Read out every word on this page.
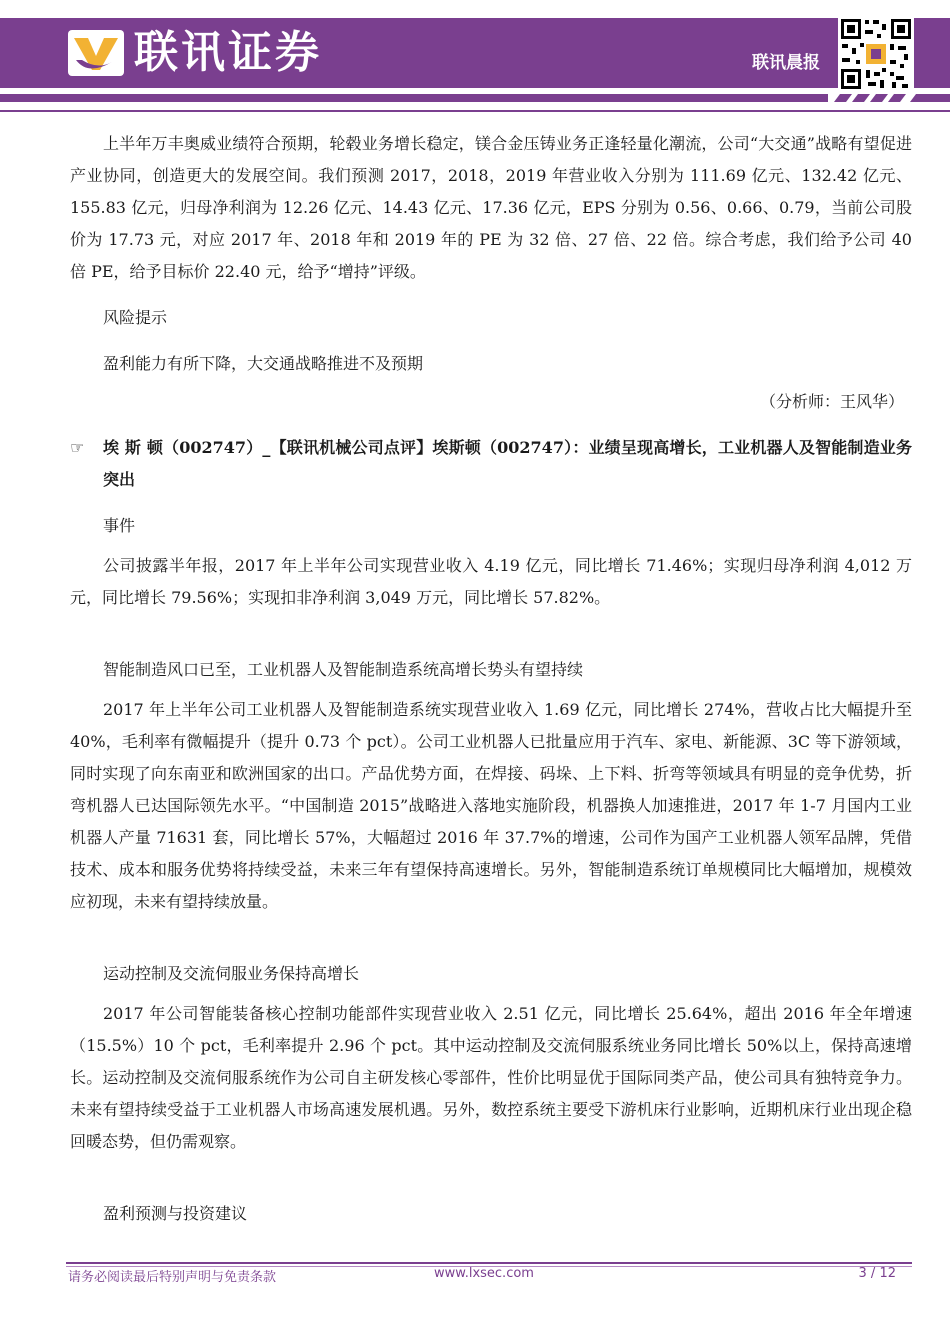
联讯证券	联讯晨报

上半年万丰奥威业绩符合预期，轮毂业务增长稳定，镁合金压铸业务正逢轻量化潮流，公司“大交通”战略有望促进产业协同，创造更大的发展空间。我们预测 2017，2018，2019 年营业收入分别为 111.69 亿元、132.42 亿元、155.83 亿元，归母净利润为 12.26 亿元、14.43 亿元、17.36 亿元，EPS 分别为 0.56、0.66、0.79，当前公司股价为 17.73 元，对应 2017 年、2018 年和 2019 年的 PE 为 32 倍、27 倍、22 倍。综合考虑，我们给予公司 40 倍 PE，给予目标价 22.40 元，给予“增持”评级。

风险提示

盈利能力有所下降，大交通战略推进不及预期

（分析师：王风华）

☞ 埃 斯 顿（002747）_【联讯机械公司点评】埃斯顿（002747）：业绩呈现高增长，工业机器人及智能制造业务突出

事件

公司披露半年报，2017 年上半年公司实现营业收入 4.19 亿元，同比增长 71.46%；实现归母净利润 4,012 万元，同比增长 79.56%；实现扣非净利润 3,049 万元，同比增长 57.82%。

智能制造风口已至，工业机器人及智能制造系统高增长势头有望持续

2017 年上半年公司工业机器人及智能制造系统实现营业收入 1.69 亿元，同比增长 274%，营收占比大幅提升至 40%，毛利率有微幅提升（提升 0.73 个 pct）。公司工业机器人已批量应用于汽车、家电、新能源、3C 等下游领域，同时实现了向东南亚和欧洲国家的出口。产品优势方面，在焊接、码垛、上下料、折弯等领域具有明显的竞争优势，折弯机器人已达国际领先水平。“中国制造 2015”战略进入落地实施阶段，机器换人加速推进，2017 年 1-7 月国内工业机器人产量 71631 套，同比增长 57%，大幅超过 2016 年 37.7%的增速，公司作为国产工业机器人领军品牌，凭借技术、成本和服务优势将持续受益，未来三年有望保持高速增长。另外，智能制造系统订单规模同比大幅增加，规模效应初现，未来有望持续放量。

运动控制及交流伺服业务保持高增长

2017 年公司智能装备核心控制功能部件实现营业收入 2.51 亿元，同比增长 25.64%，超出 2016 年全年增速（15.5%）10 个 pct，毛利率提升 2.96 个 pct。其中运动控制及交流伺服系统业务同比增长 50%以上，保持高速增长。运动控制及交流伺服系统作为公司自主研发核心零部件，性价比明显优于国际同类产品，使公司具有独特竞争力。未来有望持续受益于工业机器人市场高速发展机遇。另外，数控系统主要受下游机床行业影响，近期机床行业出现企稳回暖态势，但仍需观察。

盈利预测与投资建议

请务必阅读最后特别声明与免责条款	www.lxsec.com	3 / 12
